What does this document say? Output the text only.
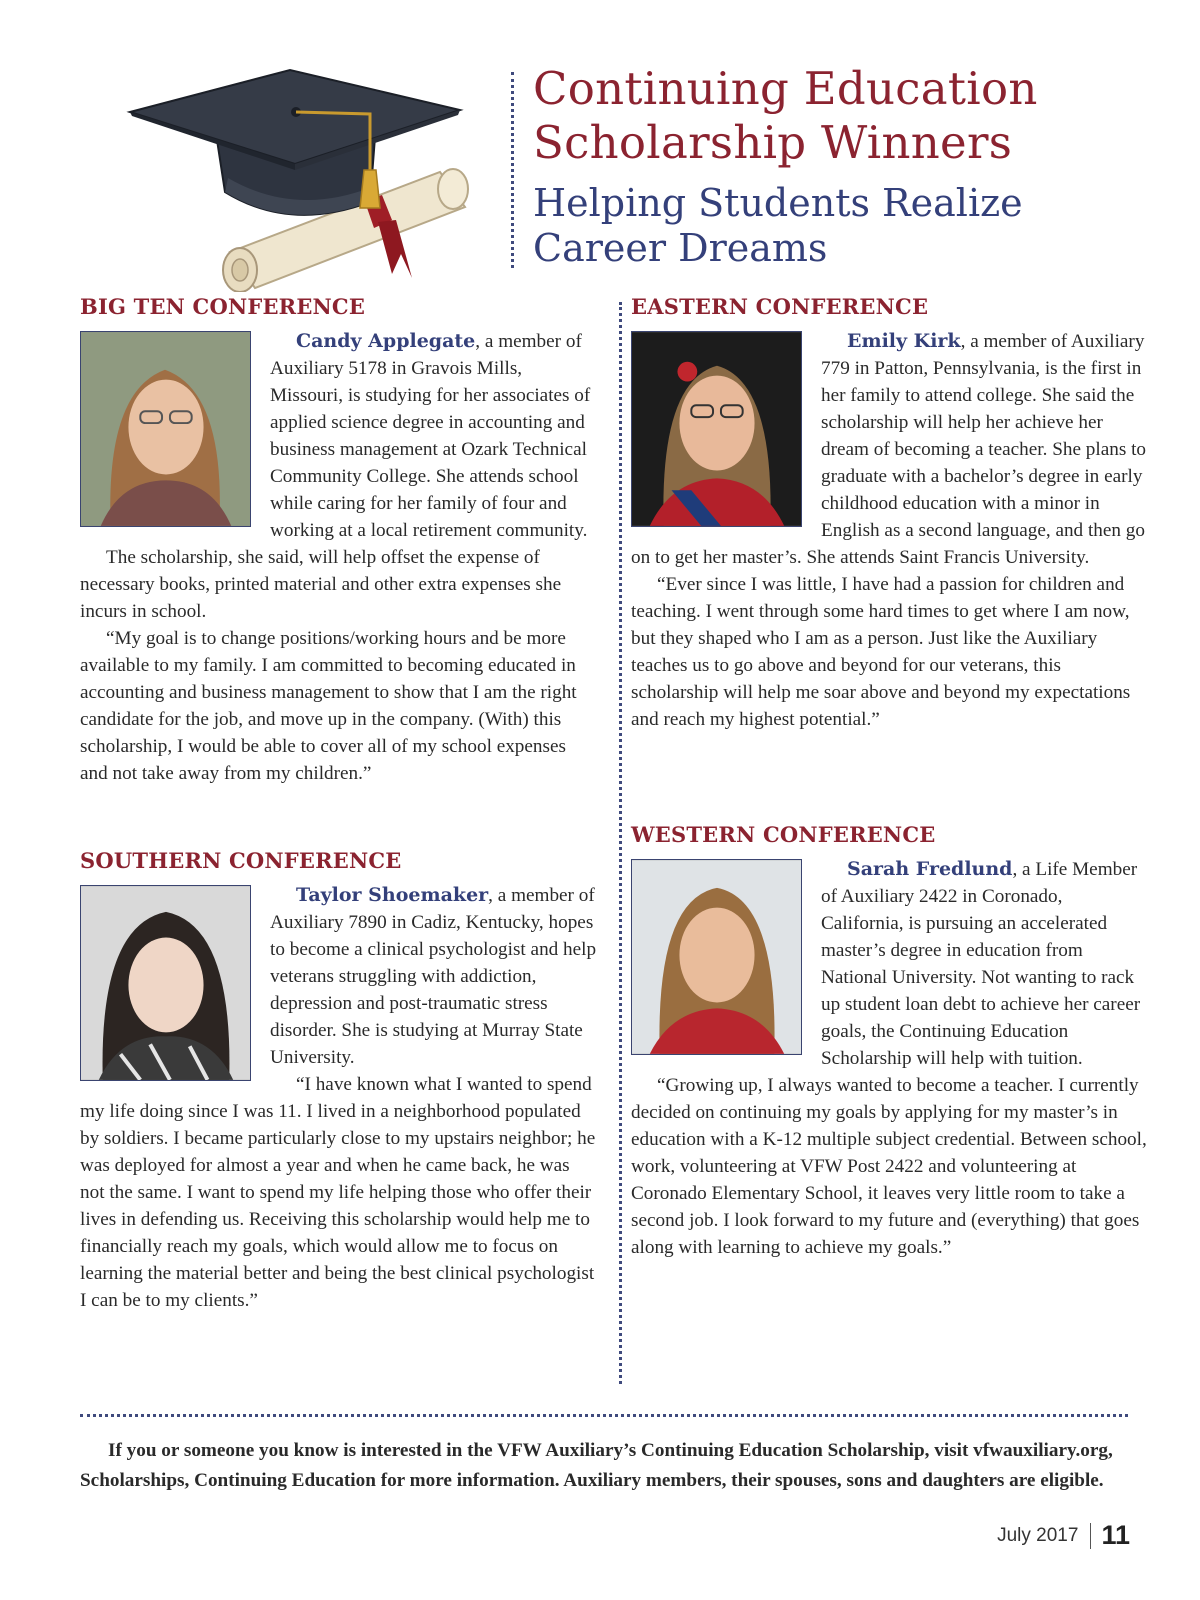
Continuing Education
Scholarship Winners
Helping Students Realize
Career Dreams
BIG TEN CONFERENCE

Candy Applegate, a member of Auxiliary 5178 in Gravois Mills, Missouri, is studying for her associates of applied science degree in accounting and business management at Ozark Technical Community College. She attends school while caring for her family of four and working at a local retirement community.

The scholarship, she said, will help offset the expense of necessary books, printed material and other extra expenses she incurs in school.

“My goal is to change positions/working hours and be more available to my family. I am committed to becoming educated in accounting and business management to show that I am the right candidate for the job, and move up in the company. (With) this scholarship, I would be able to cover all of my school expenses and not take away from my children.”

SOUTHERN CONFERENCE

Taylor Shoemaker, a member of Auxiliary 7890 in Cadiz, Kentucky, hopes to become a clinical psychologist and help veterans struggling with addiction, depression and post-traumatic stress disorder. She is studying at Murray State University.

“I have known what I wanted to spend my life doing since I was 11. I lived in a neighborhood populated by soldiers. I became particularly close to my upstairs neighbor; he was deployed for almost a year and when he came back, he was not the same. I want to spend my life helping those who offer their lives in defending us. Receiving this scholarship would help me to financially reach my goals, which would allow me to focus on learning the material better and being the best clinical psychologist I can be to my clients.”

EASTERN CONFERENCE

Emily Kirk, a member of Auxiliary 779 in Patton, Pennsylvania, is the first in her family to attend college. She said the scholarship will help her achieve her dream of becoming a teacher. She plans to graduate with a bachelor’s degree in early childhood education with a minor in English as a second language, and then go on to get her master’s. She attends Saint Francis University.

“Ever since I was little, I have had a passion for children and teaching. I went through some hard times to get where I am now, but they shaped who I am as a person. Just like the Auxiliary teaches us to go above and beyond for our veterans, this scholarship will help me soar above and beyond my expectations and reach my highest potential.”

WESTERN CONFERENCE

Sarah Fredlund, a Life Member of Auxiliary 2422 in Coronado, California, is pursuing an accelerated master’s degree in education from National University. Not wanting to rack up student loan debt to achieve her career goals, the Continuing Education Scholarship will help with tuition.

“Growing up, I always wanted to become a teacher. I currently decided on continuing my goals by applying for my master’s in education with a K-12 multiple subject credential. Between school, work, volunteering at VFW Post 2422 and volunteering at Coronado Elementary School, it leaves very little room to take a second job. I look forward to my future and (everything) that goes along with learning to achieve my goals.”

If you or someone you know is interested in the VFW Auxiliary’s Continuing Education Scholarship, visit vfwauxiliary.org, Scholarships, Continuing Education for more information. Auxiliary members, their spouses, sons and daughters are eligible.

July 2017 11
